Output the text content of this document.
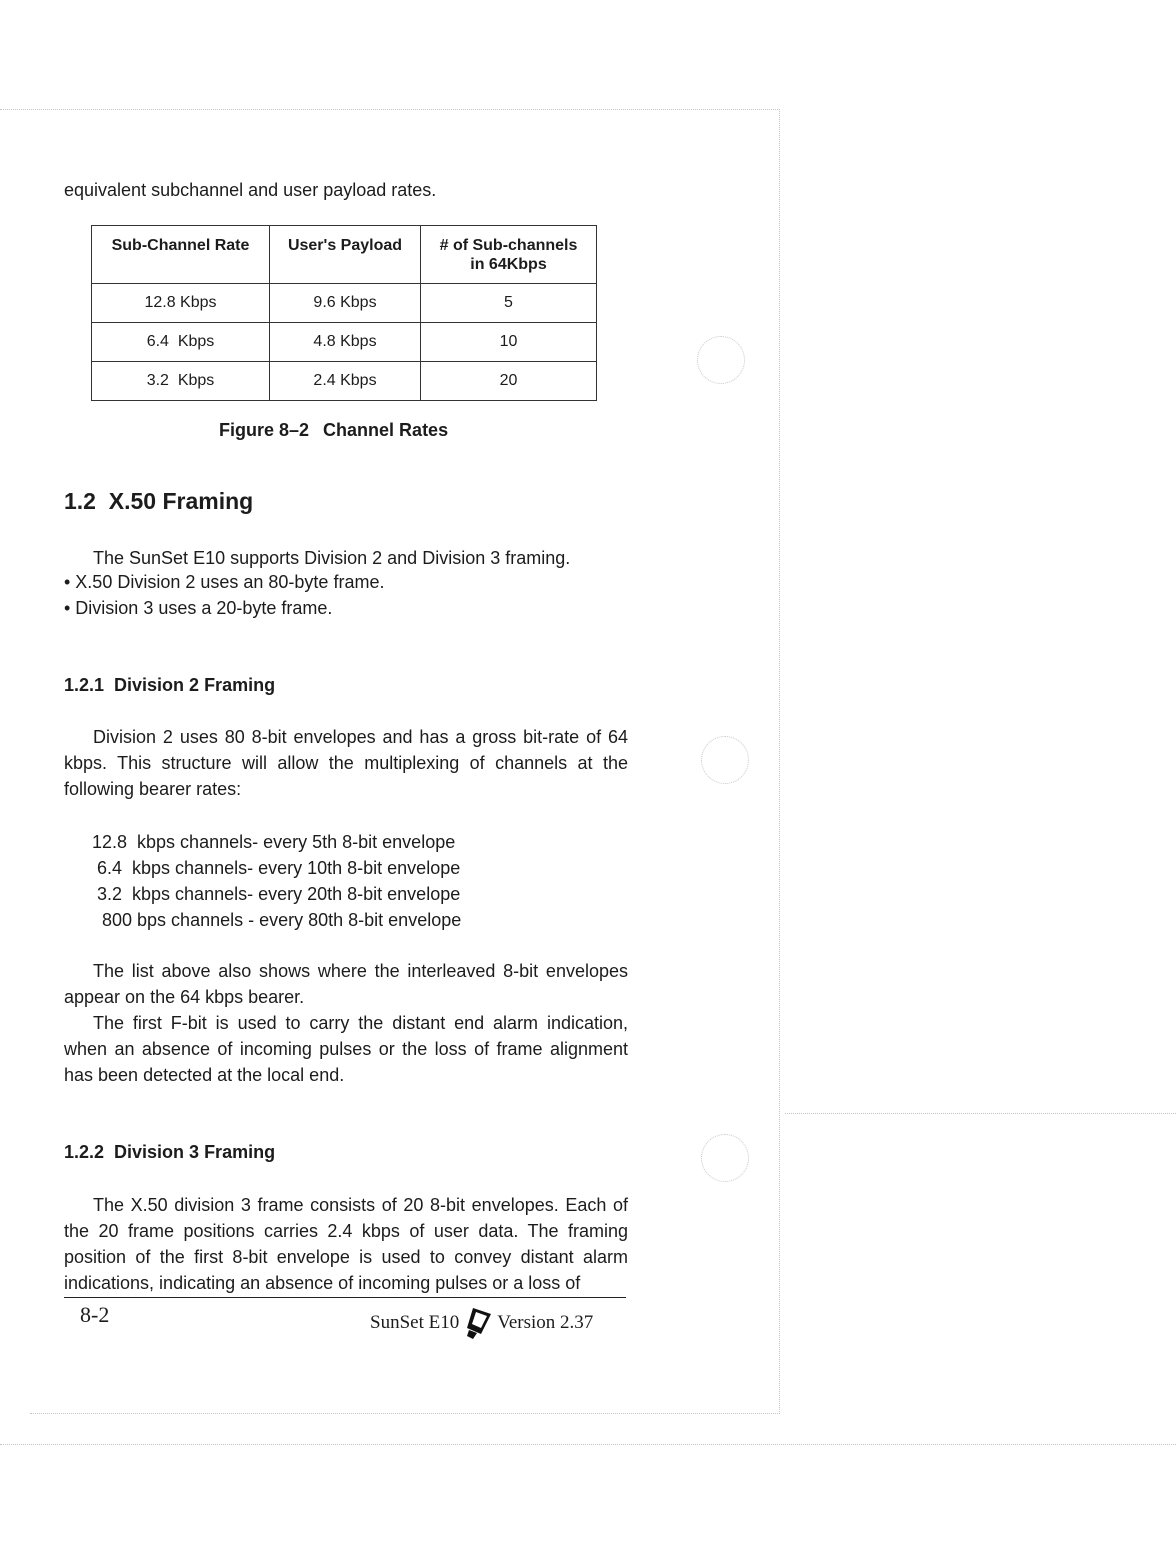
equivalent subchannel and user payload rates.
Sub-Channel Rate	User's Payload	# of Sub-channels
in 64Kbps

12.8 Kbps	9.6 Kbps	5
6.4  Kbps	4.8 Kbps	10
3.2  Kbps	2.4 Kbps	20
Figure 8–2 Channel Rates
1.2  X.50 Framing

The SunSet E10 supports Division 2 and Division 3 framing.

• X.50 Division 2 uses an 80-byte frame.
• Division 3 uses a 20-byte frame.
1.2.1  Division 2 Framing

Division 2 uses 80 8-bit envelopes and has a gross bit-rate of 64 kbps. This structure will allow the multiplexing of channels at the following bearer rates:

12.8  kbps channels- every 5th 8-bit envelope
6.4  kbps channels- every 10th 8-bit envelope
3.2  kbps channels- every 20th 8-bit envelope
800 bps channels - every 80th 8-bit envelope

The list above also shows where the interleaved 8-bit envelopes appear on the 64 kbps bearer.

The first F-bit is used to carry the distant end alarm indication, when an absence of incoming pulses or the loss of frame alignment has been detected at the local end.

1.2.2  Division 3 Framing

The X.50 division 3 frame consists of 20 8-bit envelopes. Each of the 20 frame positions carries 2.4 kbps of user data. The framing position of the first 8-bit envelope is used to convey distant alarm indications, indicating an absence of incoming pulses or a loss of

8-2	SunSet E10 Version 2.37
